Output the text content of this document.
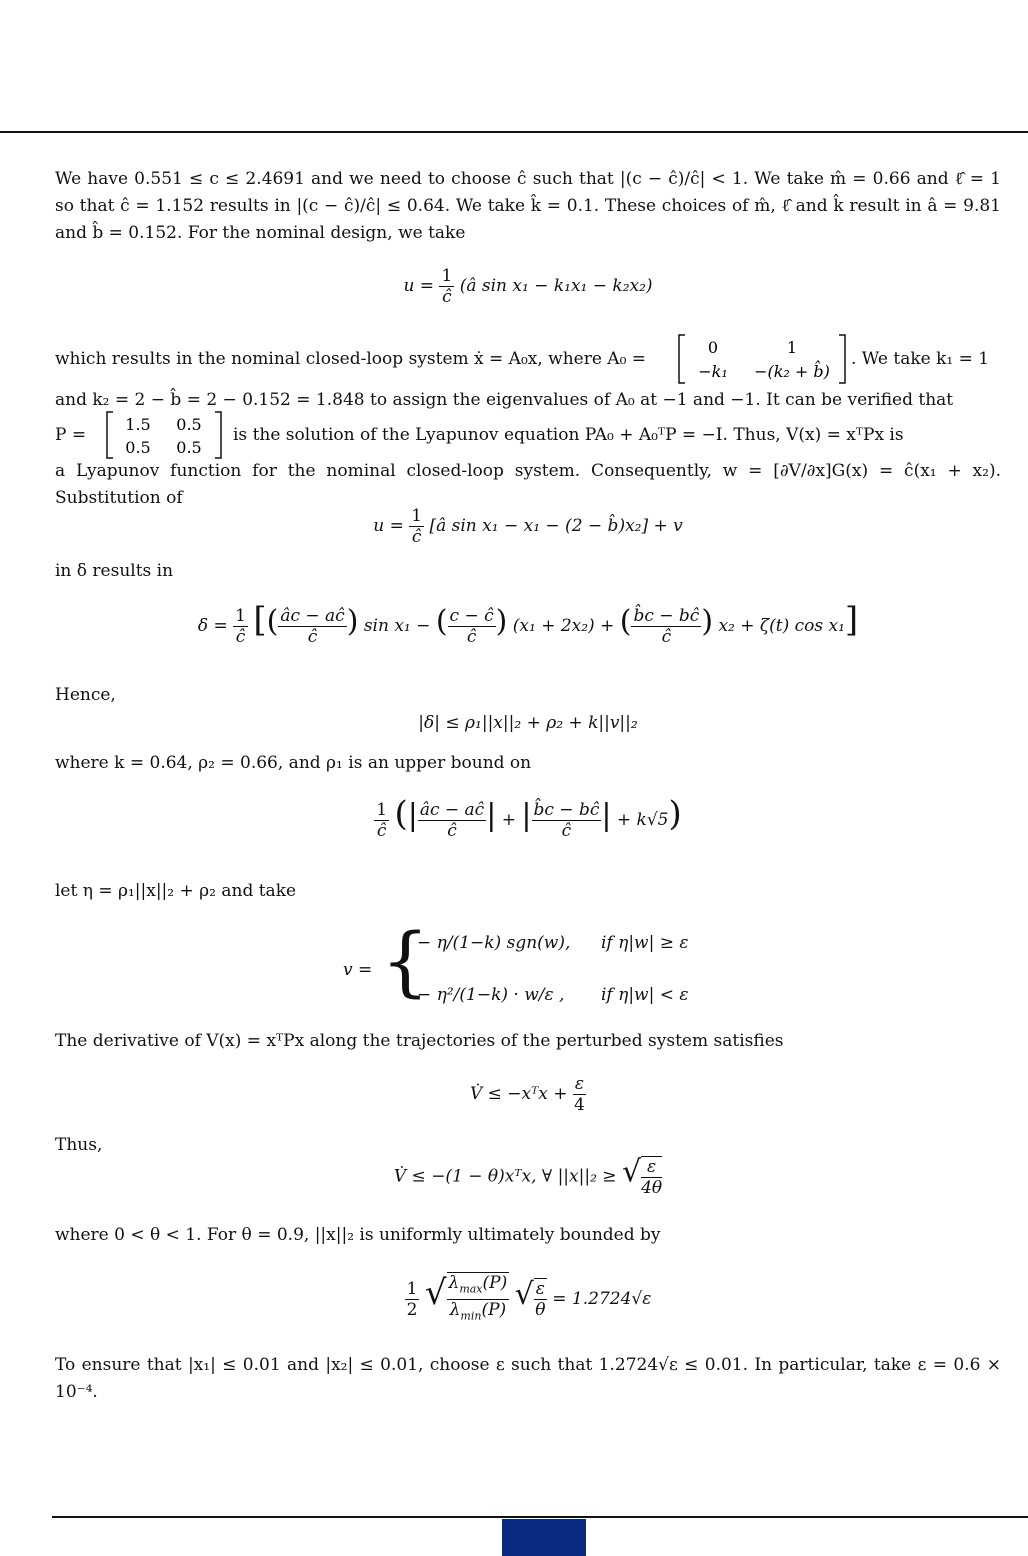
We have 0.551 ≤ c ≤ 2.4691 and we need to choose ĉ such that |(c − ĉ)/ĉ| < 1. We take m̂ = 0.66 and ℓ̂ = 1 so that ĉ = 1.152 results in |(c − ĉ)/ĉ| ≤ 0.64. We take k̂ = 0.1. These choices of m̂, ℓ̂ and k̂ result in â = 9.81 and b̂ = 0.152. For the nominal design, we take
$u = \frac{1}{ĉ}$ (â sin x₁ − k₁x₁ − k₂x₂)
which results in the nominal closed-loop system ẋ = A₀x, where A₀ =
0	1
−k₁ −(k₂ + b̂)
. We take k₁ = 1
and k₂ = 2 − b̂ = 2 − 0.152 = 1.848 to assign the eigenvalues of A₀ at −1 and −1. It can be verified that
P =
1.5 0.5
0.5 0.5
is the solution of the Lyapunov equation PA₀ + A₀ᵀP = −I. Thus, V(x) = xᵀPx is
a Lyapunov function for the nominal closed-loop system. Consequently, w = [∂V/∂x]G(x) = ĉ(x₁ + x₂). Substitution of
$u = \frac{1}{ĉ}$ [â sin x₁ − x₁ − (2 − b̂)x₂] + v
in δ results in
$\delta = \frac{1}{ĉ}$ [( $\frac{âc - aĉ}{ĉ}$ ) sin x₁ − ( $\frac{c - ĉ}{ĉ}$ ) (x₁ + 2x₂) + ( $\frac{b̂c - bĉ}{ĉ}$ ) x₂ + ζ(t) cos x₁]
Hence,
|δ| ≤ ρ₁||x||₂ + ρ₂ + k||v||₂
where k = 0.64, ρ₂ = 0.66, and ρ₁ is an upper bound on
$\frac{1}{ĉ}$ (| $\frac{âc - aĉ}{ĉ}$ | + | $\frac{b̂c - bĉ}{ĉ}$ | + k√5)
let η = ρ₁||x||₂ + ρ₂ and take
v = {
− η/(1−k) sgn(w), if η|w| ≥ ε
− η²/(1−k) · w/ε , if η|w| < ε
The derivative of V(x) = xᵀPx along the trajectories of the perturbed system satisfies
V̇ ≤ −xᵀx + $\frac{\varepsilon}{4}$
Thus,
V̇ ≤ −(1 − θ)xᵀx, ∀ ||x||₂ ≥ √ $\frac{\varepsilon}{4\theta}$
where 0 < θ < 1. For θ = 0.9, ||x||₂ is uniformly ultimately bounded by
$\frac{1}{2}$ √ $\frac{\lambda_{max}(P)}{\lambda_{min}(P)}$ √ $\frac{\varepsilon}{\theta} = 1.2724√\varepsilon$
To ensure that |x₁| ≤ 0.01 and |x₂| ≤ 0.01, choose ε such that 1.2724√ε ≤ 0.01. In particular, take ε = 0.6 × 10⁻⁴.
